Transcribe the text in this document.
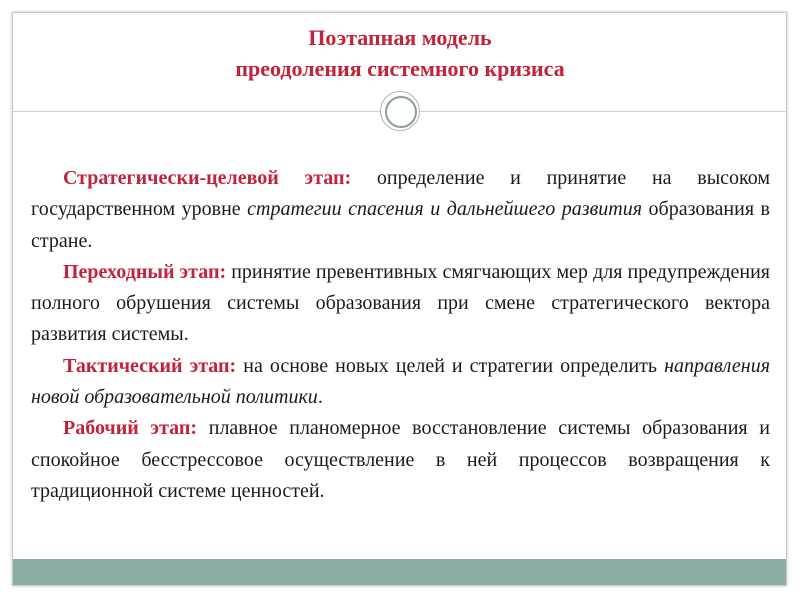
Поэтапная модель
преодоления системного кризиса

Стратегически-целевой этап: определение и принятие на высоком государственном уровне стратегии спасения и дальнейшего развития образования в стране.

Переходный этап: принятие превентивных смягчающих мер для предупреждения полного обрушения системы образования при смене стратегического вектора развития системы.

Тактический этап: на основе новых целей и стратегии определить направления новой образовательной политики.

Рабочий этап: плавное планомерное восстановление системы образования и спокойное бесстрессовое осуществление в ней процессов возвращения к традиционной системе ценностей.
